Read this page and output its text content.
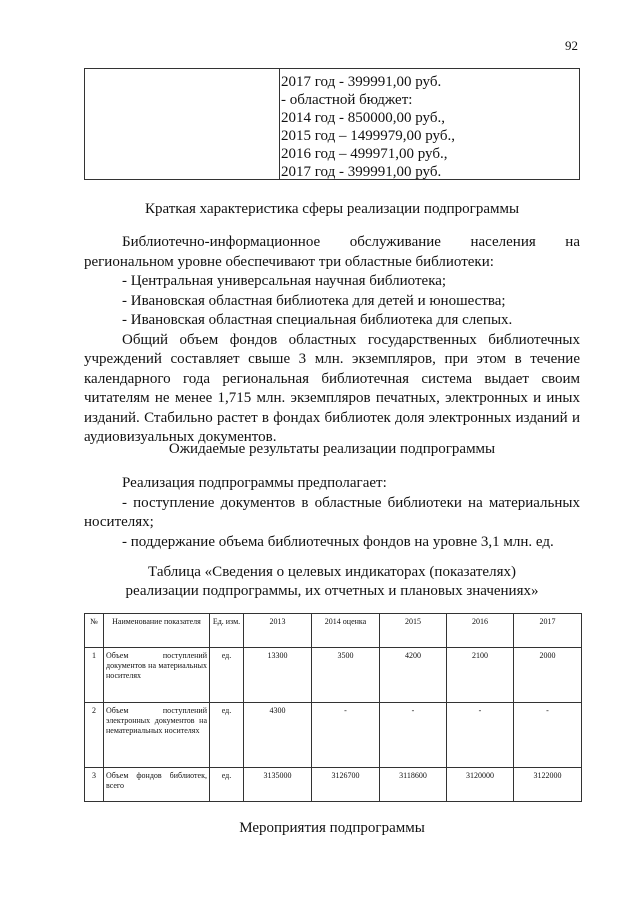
92
2017 год - 399991,00 руб.
- областной бюджет:
2014 год - 850000,00 руб.,
2015 год – 1499979,00 руб.,
2016 год – 499971,00 руб.,
2017 год - 399991,00 руб.
Краткая характеристика сферы реализации подпрограммы

Библиотечно-информационное обслуживание населения на региональном уровне обеспечивают три областные библиотеки:

- Центральная универсальная научная библиотека;

- Ивановская областная библиотека для детей и юношества;

- Ивановская областная специальная библиотека для слепых.

Общий объем фондов областных государственных библиотечных учреждений составляет свыше 3 млн. экземпляров, при этом в течение календарного года региональная библиотечная система выдает своим читателям не менее 1,715 млн. экземпляров печатных, электронных и иных изданий. Стабильно растет в фондах библиотек доля электронных изданий и аудиовизуальных документов.

Ожидаемые результаты реализации подпрограммы

Реализация подпрограммы предполагает:

- поступление документов в областные библиотеки на материальных носителях;

- поддержание объема библиотечных фондов на уровне 3,1 млн. ед.

Таблица «Сведения о целевых индикаторах (показателях)
реализации подпрограммы, их отчетных и плановых значениях»
№	Наименование показателя	Ед. изм.	2013	2014 оценка	2015	2016	2017
1	Объем поступлений документов на материальных носителях	ед.	13300	3500	4200	2100	2000
2	Объем поступлений электронных документов на нематериальных носителях	ед.	4300	-	-	-	-
3	Объем фондов библиотек, всего	ед.	3135000	3126700	3118600	3120000	3122000
Мероприятия подпрограммы
